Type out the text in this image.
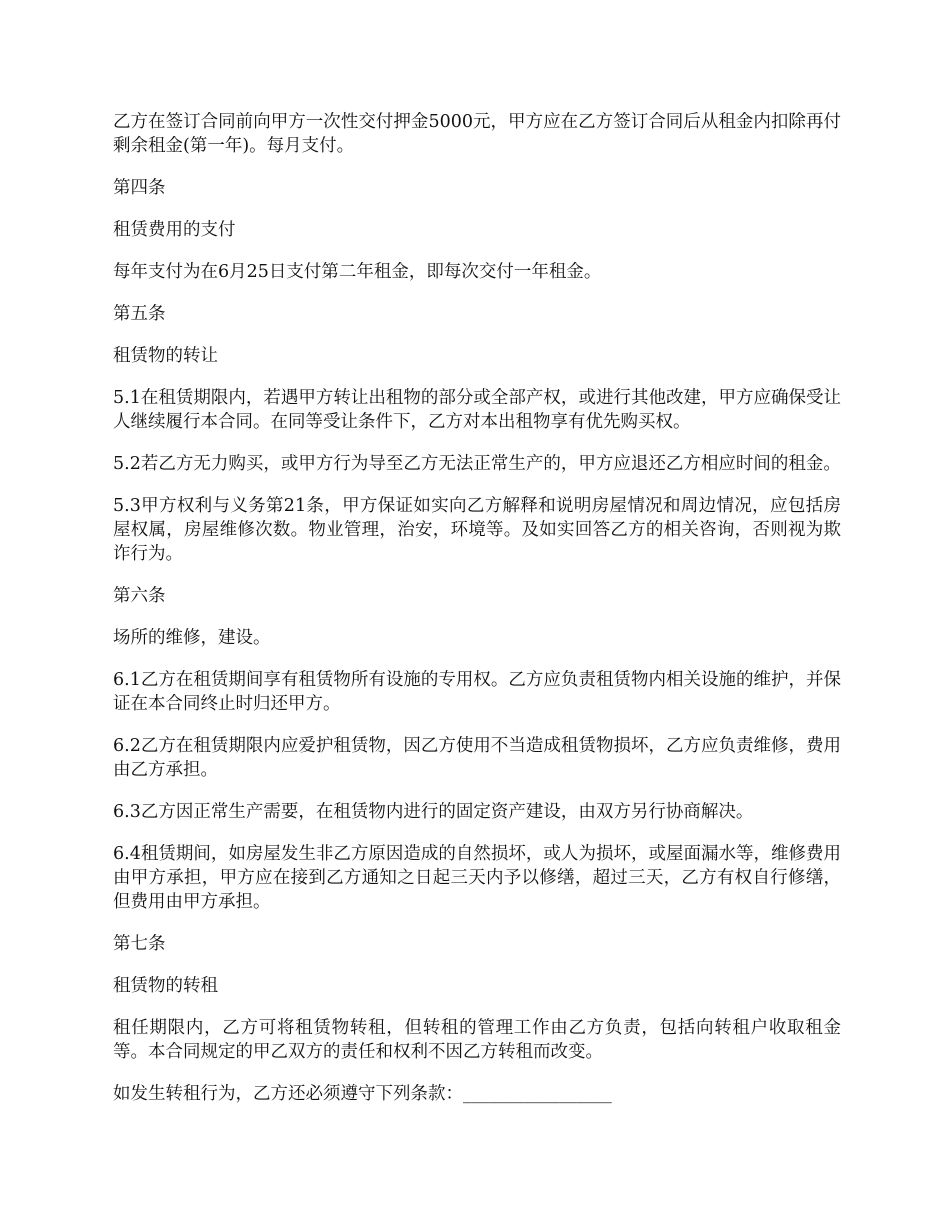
乙方在签订合同前向甲方一次性交付押金5000元，甲方应在乙方签订合同后从租金内扣除再付剩余租金(第一年)。每月支付。

第四条

租赁费用的支付

每年支付为在6月25日支付第二年租金，即每次交付一年租金。

第五条

租赁物的转让

5.1在租赁期限内，若遇甲方转让出租物的部分或全部产权，或进行其他改建，甲方应确保受让人继续履行本合同。在同等受让条件下，乙方对本出租物享有优先购买权。

5.2若乙方无力购买，或甲方行为导至乙方无法正常生产的，甲方应退还乙方相应时间的租金。

5.3甲方权利与义务第21条，甲方保证如实向乙方解释和说明房屋情况和周边情况，应包括房屋权属，房屋维修次数。物业管理，治安，环境等。及如实回答乙方的相关咨询，否则视为欺诈行为。

第六条

场所的维修，建设。

6.1乙方在租赁期间享有租赁物所有设施的专用权。乙方应负责租赁物内相关设施的维护，并保证在本合同终止时归还甲方。

6.2乙方在租赁期限内应爱护租赁物，因乙方使用不当造成租赁物损坏，乙方应负责维修，费用由乙方承担。

6.3乙方因正常生产需要，在租赁物内进行的固定资产建设，由双方另行协商解决。

6.4租赁期间，如房屋发生非乙方原因造成的自然损坏，或人为损坏，或屋面漏水等，维修费用由甲方承担，甲方应在接到乙方通知之日起三天内予以修缮，超过三天，乙方有权自行修缮，但费用由甲方承担。

第七条

租赁物的转租

租任期限内，乙方可将租赁物转租，但转租的管理工作由乙方负责，包括向转租户收取租金等。本合同规定的甲乙双方的责任和权利不因乙方转租而改变。

如发生转租行为，乙方还必须遵守下列条款：_________________
